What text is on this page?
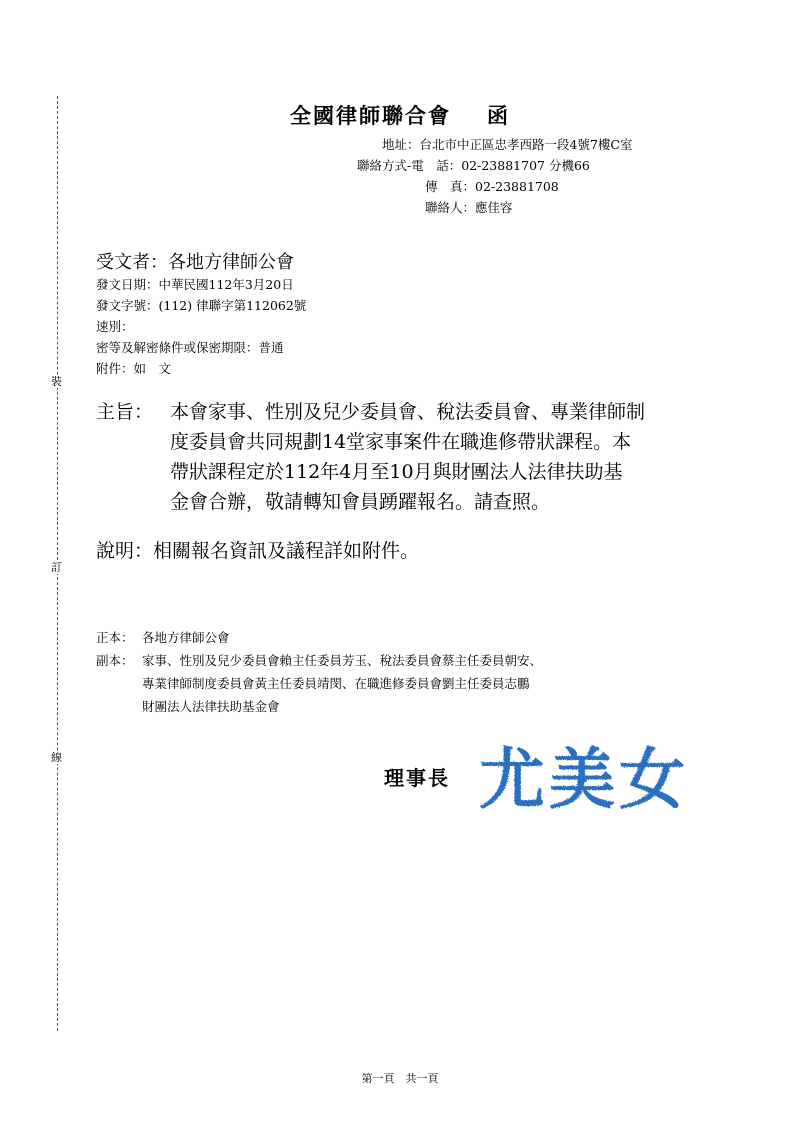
裝
訂
線
全國律師聯合會 函
地址：台北市中正區忠孝西路一段4號7樓C室
聯絡方式-電　話：02-23881707 分機66
傳　真：02-23881708
聯絡人：應佳容
受文者：各地方律師公會
發文日期：中華民國112年3月20日
發文字號：(112) 律聯字第112062號
速別：
密等及解密條件或保密期限：普通
附件：如　文
主旨： 本會家事、性別及兒少委員會、稅法委員會、專業律師制
度委員會共同規劃14堂家事案件在職進修帶狀課程。本
帶狀課程定於112年4月至10月與財團法人法律扶助基
金會合辦，敬請轉知會員踴躍報名。請查照。
說明：相關報名資訊及議程詳如附件。
正本： 各地方律師公會
副本： 家事、性別及兒少委員會賴主任委員芳玉、稅法委員會蔡主任委員朝安、
專業律師制度委員會黃主任委員靖閔、在職進修委員會劉主任委員志鵬
財團法人法律扶助基金會
理事長 尤美女
第一頁　共一頁
